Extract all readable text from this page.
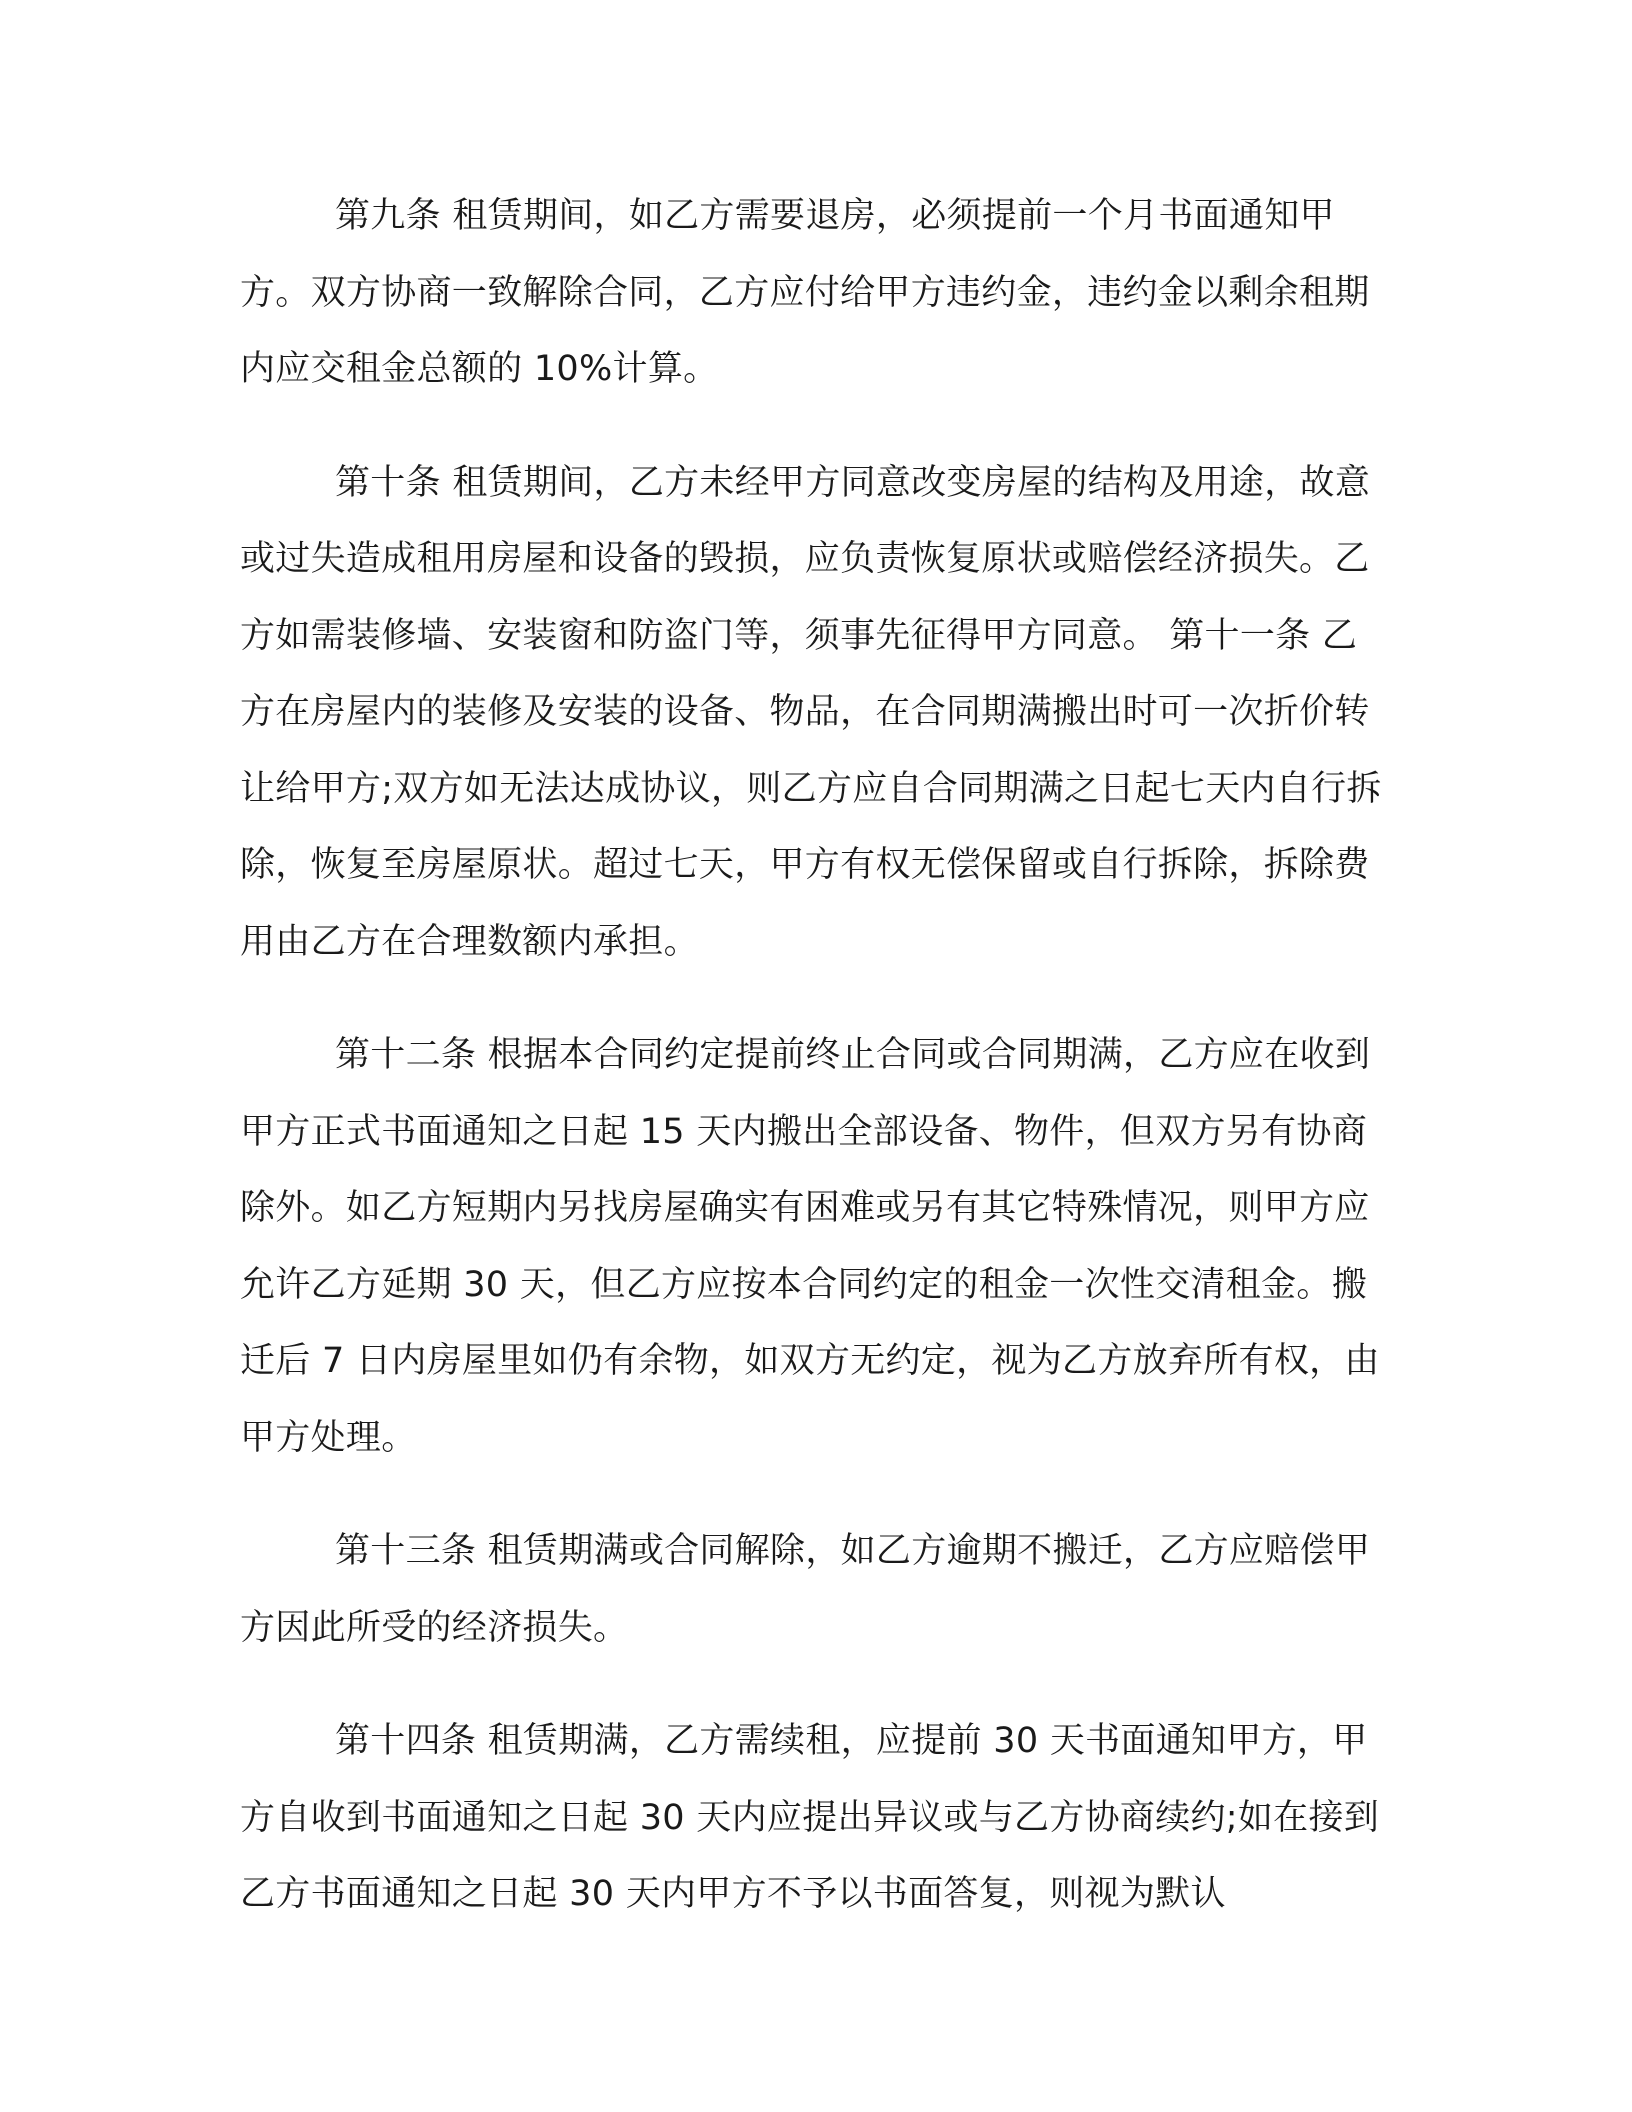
第九条 租赁期间，如乙方需要退房，必须提前一个月书面通知甲方。双方协商一致解除合同，乙方应付给甲方违约金，违约金以剩余租期内应交租金总额的 10%计算。

第十条 租赁期间，乙方未经甲方同意改变房屋的结构及用途，故意或过失造成租用房屋和设备的毁损，应负责恢复原状或赔偿经济损失。乙方如需装修墙、安装窗和防盗门等，须事先征得甲方同意。 第十一条 乙方在房屋内的装修及安装的设备、物品，在合同期满搬出时可一次折价转让给甲方;双方如无法达成协议，则乙方应自合同期满之日起七天内自行拆除，恢复至房屋原状。超过七天，甲方有权无偿保留或自行拆除，拆除费用由乙方在合理数额内承担。

第十二条 根据本合同约定提前终止合同或合同期满，乙方应在收到甲方正式书面通知之日起 15 天内搬出全部设备、物件，但双方另有协商除外。如乙方短期内另找房屋确实有困难或另有其它特殊情况，则甲方应允许乙方延期 30 天，但乙方应按本合同约定的租金一次性交清租金。搬迁后 7 日内房屋里如仍有余物，如双方无约定，视为乙方放弃所有权，由甲方处理。

第十三条 租赁期满或合同解除，如乙方逾期不搬迁，乙方应赔偿甲方因此所受的经济损失。

第十四条 租赁期满，乙方需续租，应提前 30 天书面通知甲方，甲方自收到书面通知之日起 30 天内应提出异议或与乙方协商续约;如在接到乙方书面通知之日起 30 天内甲方不予以书面答复，则视为默认
